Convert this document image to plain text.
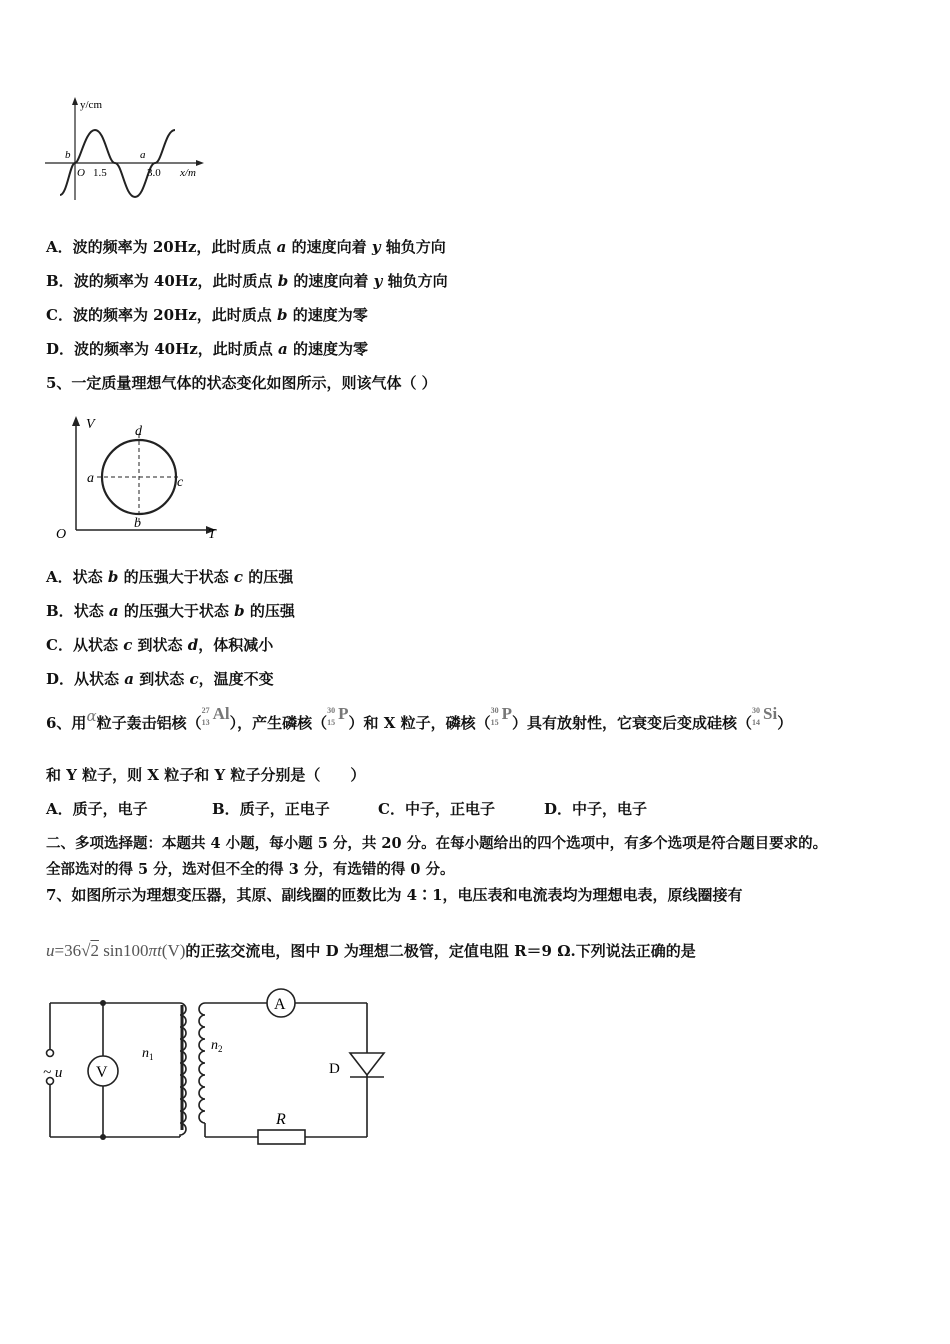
y/cm
x/m
O 1.5	3.0
a
b
A．波的频率为 20Hz，此时质点 a 的速度向着 y 轴负方向
B．波的频率为 40Hz，此时质点 b 的速度向着 y 轴负方向
C．波的频率为 20Hz，此时质点 b 的速度为零
D．波的频率为 40Hz，此时质点 a 的速度为零
5、一定质量理想气体的状态变化如图所示，则该气体（ ）
V
T
O
d
a	c
b
A．状态 b 的压强大于状态 c 的压强
B．状态 a 的压强大于状态 b 的压强
C．从状态 c 到状态 d，体积减小
D．从状态 a 到状态 c，温度不变
6、用α粒子轰击铝核（
27
13 Al），产生磷核（
30
15 P）和 X 粒子，磷核（
30
15 P）具有放射性，它衰变后变成硅核（
30
14 Si）
和 Y 粒子，则 X 粒子和 Y 粒子分别是（　　）
A．质子，电子	B．质子，正电子	C．中子，正电子	D．中子，电子
二、多项选择题：本题共 4 小题，每小题 5 分，共 20 分。在每小题给出的四个选项中，有多个选项是符合题目要求的。
全部选对的得 5 分，选对但不全的得 3 分，有选错的得 0 分。
7、如图所示为理想变压器，其原、副线圈的匝数比为 4∶1，电压表和电流表均为理想电表，原线圈接有
u=36√2 sin100πt(V)的正弦交流电，图中 D 为理想二极管，定值电阻 R＝9 Ω.下列说法正确的是
V
A
~ u
$n_1$
$n_2$
D
R
